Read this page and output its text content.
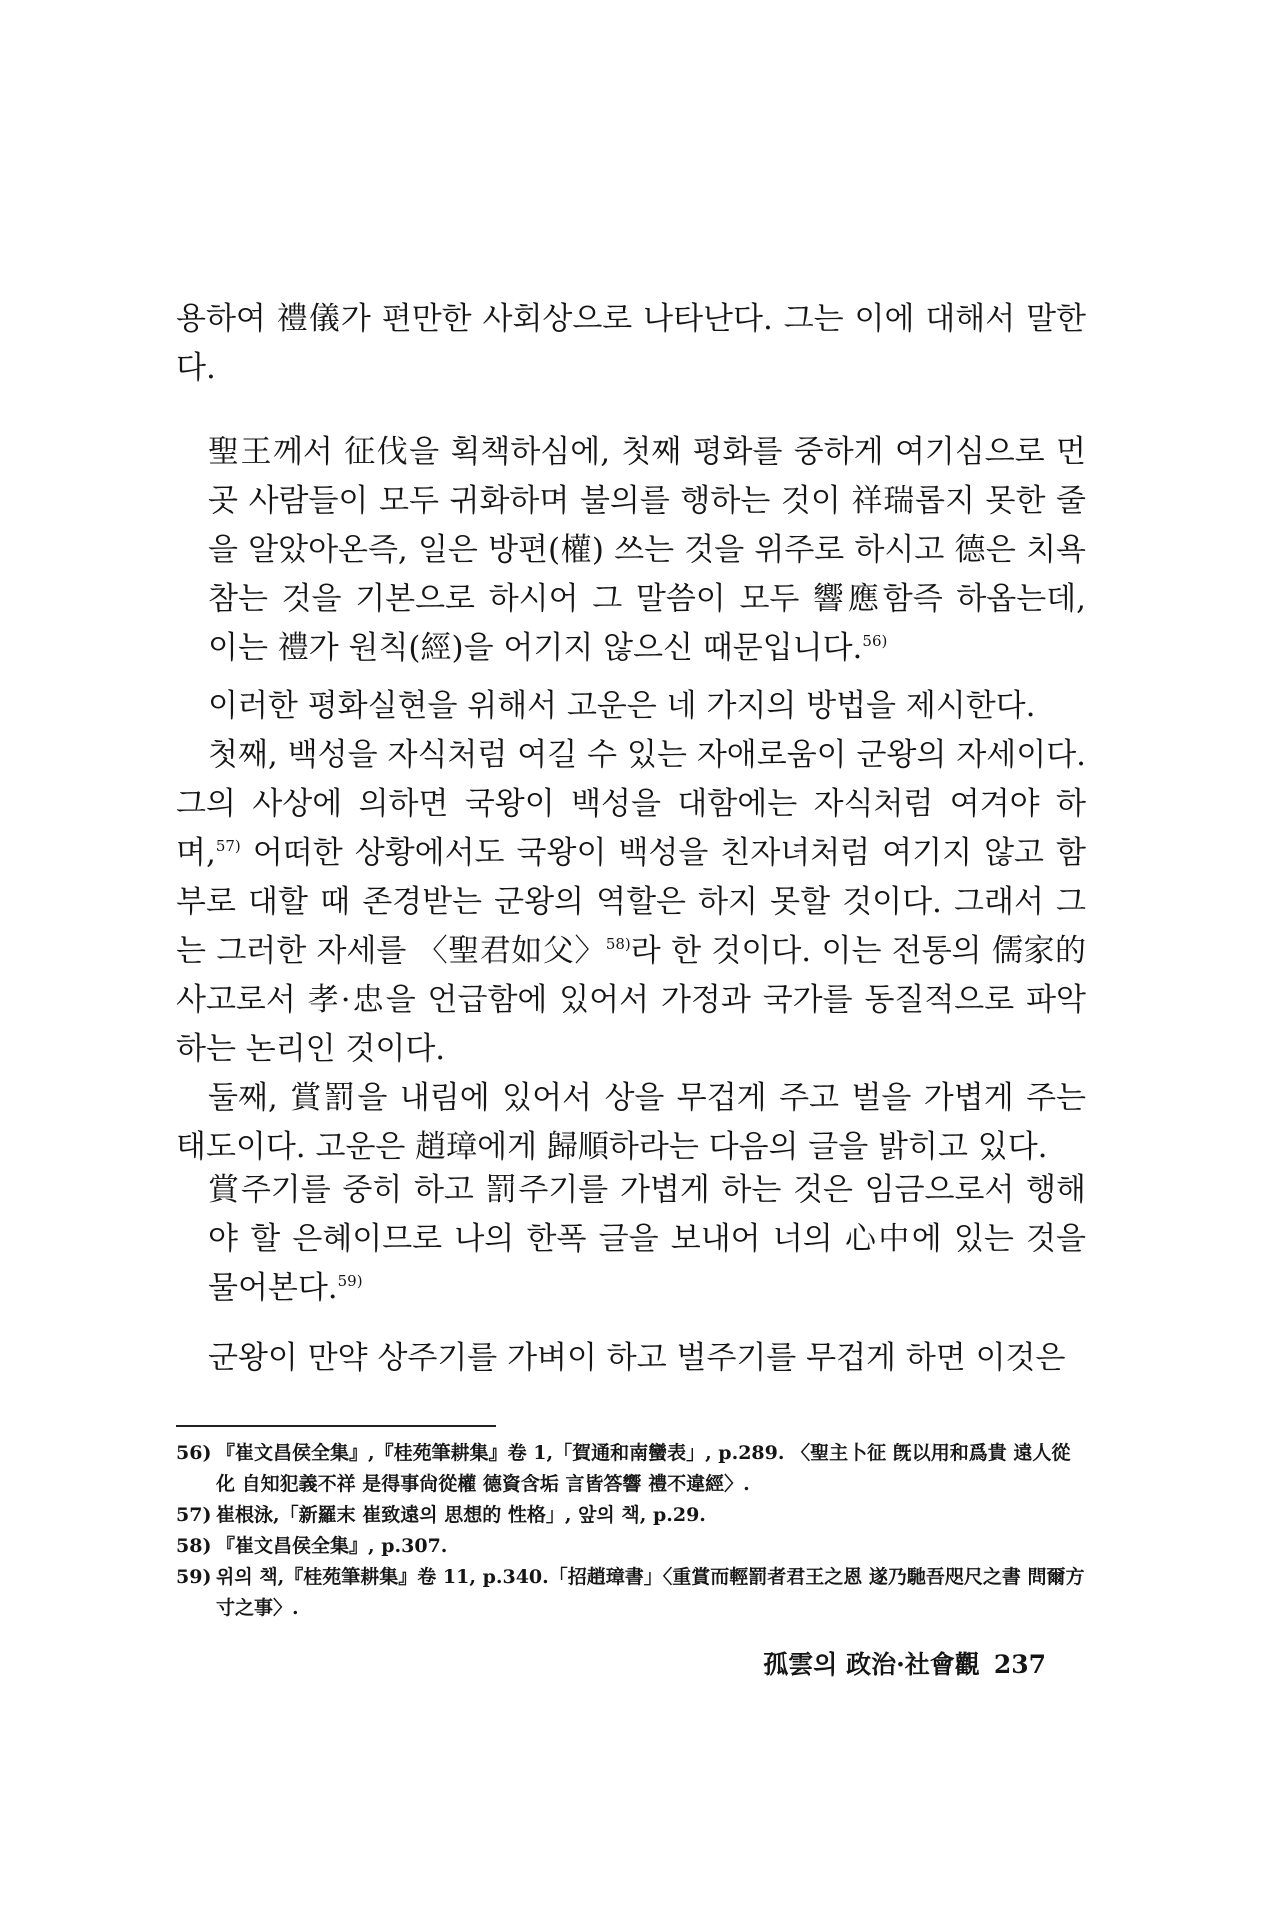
용하여 禮儀가 편만한 사회상으로 나타난다. 그는 이에 대해서 말한다.

聖王께서 征伐을 획책하심에, 첫째 평화를 중하게 여기심으로 먼곳 사람들이 모두 귀화하며 불의를 행하는 것이 祥瑞롭지 못한 줄을 알았아온즉, 일은 방편(權) 쓰는 것을 위주로 하시고 德은 치욕 참는 것을 기본으로 하시어 그 말씀이 모두 響應함즉 하옵는데, 이는 禮가 원칙(經)을 어기지 않으신 때문입니다.$^{56)}$

이러한 평화실현을 위해서 고운은 네 가지의 방법을 제시한다.

첫째, 백성을 자식처럼 여길 수 있는 자애로움이 군왕의 자세이다. 그의 사상에 의하면 국왕이 백성을 대함에는 자식처럼 여겨야 하며,$^{57)}$ 어떠한 상황에서도 국왕이 백성을 친자녀처럼 여기지 않고 함부로 대할 때 존경받는 군왕의 역할은 하지 못할 것이다. 그래서 그는 그러한 자세를 〈聖君如父〉$^{58)}$라 한 것이다. 이는 전통의 儒家的 사고로서 孝·忠을 언급함에 있어서 가정과 국가를 동질적으로 파악하는 논리인 것이다.

둘째, 賞罰을 내림에 있어서 상을 무겁게 주고 벌을 가볍게 주는 태도이다. 고운은 趙璋에게 歸順하라는 다음의 글을 밝히고 있다.

賞주기를 중히 하고 罰주기를 가볍게 하는 것은 임금으로서 행해야 할 은혜이므로 나의 한폭 글을 보내어 너의 心中에 있는 것을 물어본다.$^{59)}$

군왕이 만약 상주기를 가벼이 하고 벌주기를 무겁게 하면 이것은

56) 『崔文昌侯全集』,『桂苑筆耕集』卷 1,「賀通和南蠻表」, p.289. 〈聖主卜征 旣以用和爲貴 遠人從化 自知犯義不祥 是得事尙從權 德資含垢 言皆答響 禮不違經〉.
57) 崔根泳,「新羅末 崔致遠의 思想的 性格」, 앞의 책, p.29.
58) 『崔文昌侯全集』, p.307.
59) 위의 책,『桂苑筆耕集』卷 11, p.340.「招趙璋書」〈重賞而輕罰者君王之恩 遂乃馳吾咫尺之書 問爾方寸之事〉.
孤雲의 政治·社會觀 237
